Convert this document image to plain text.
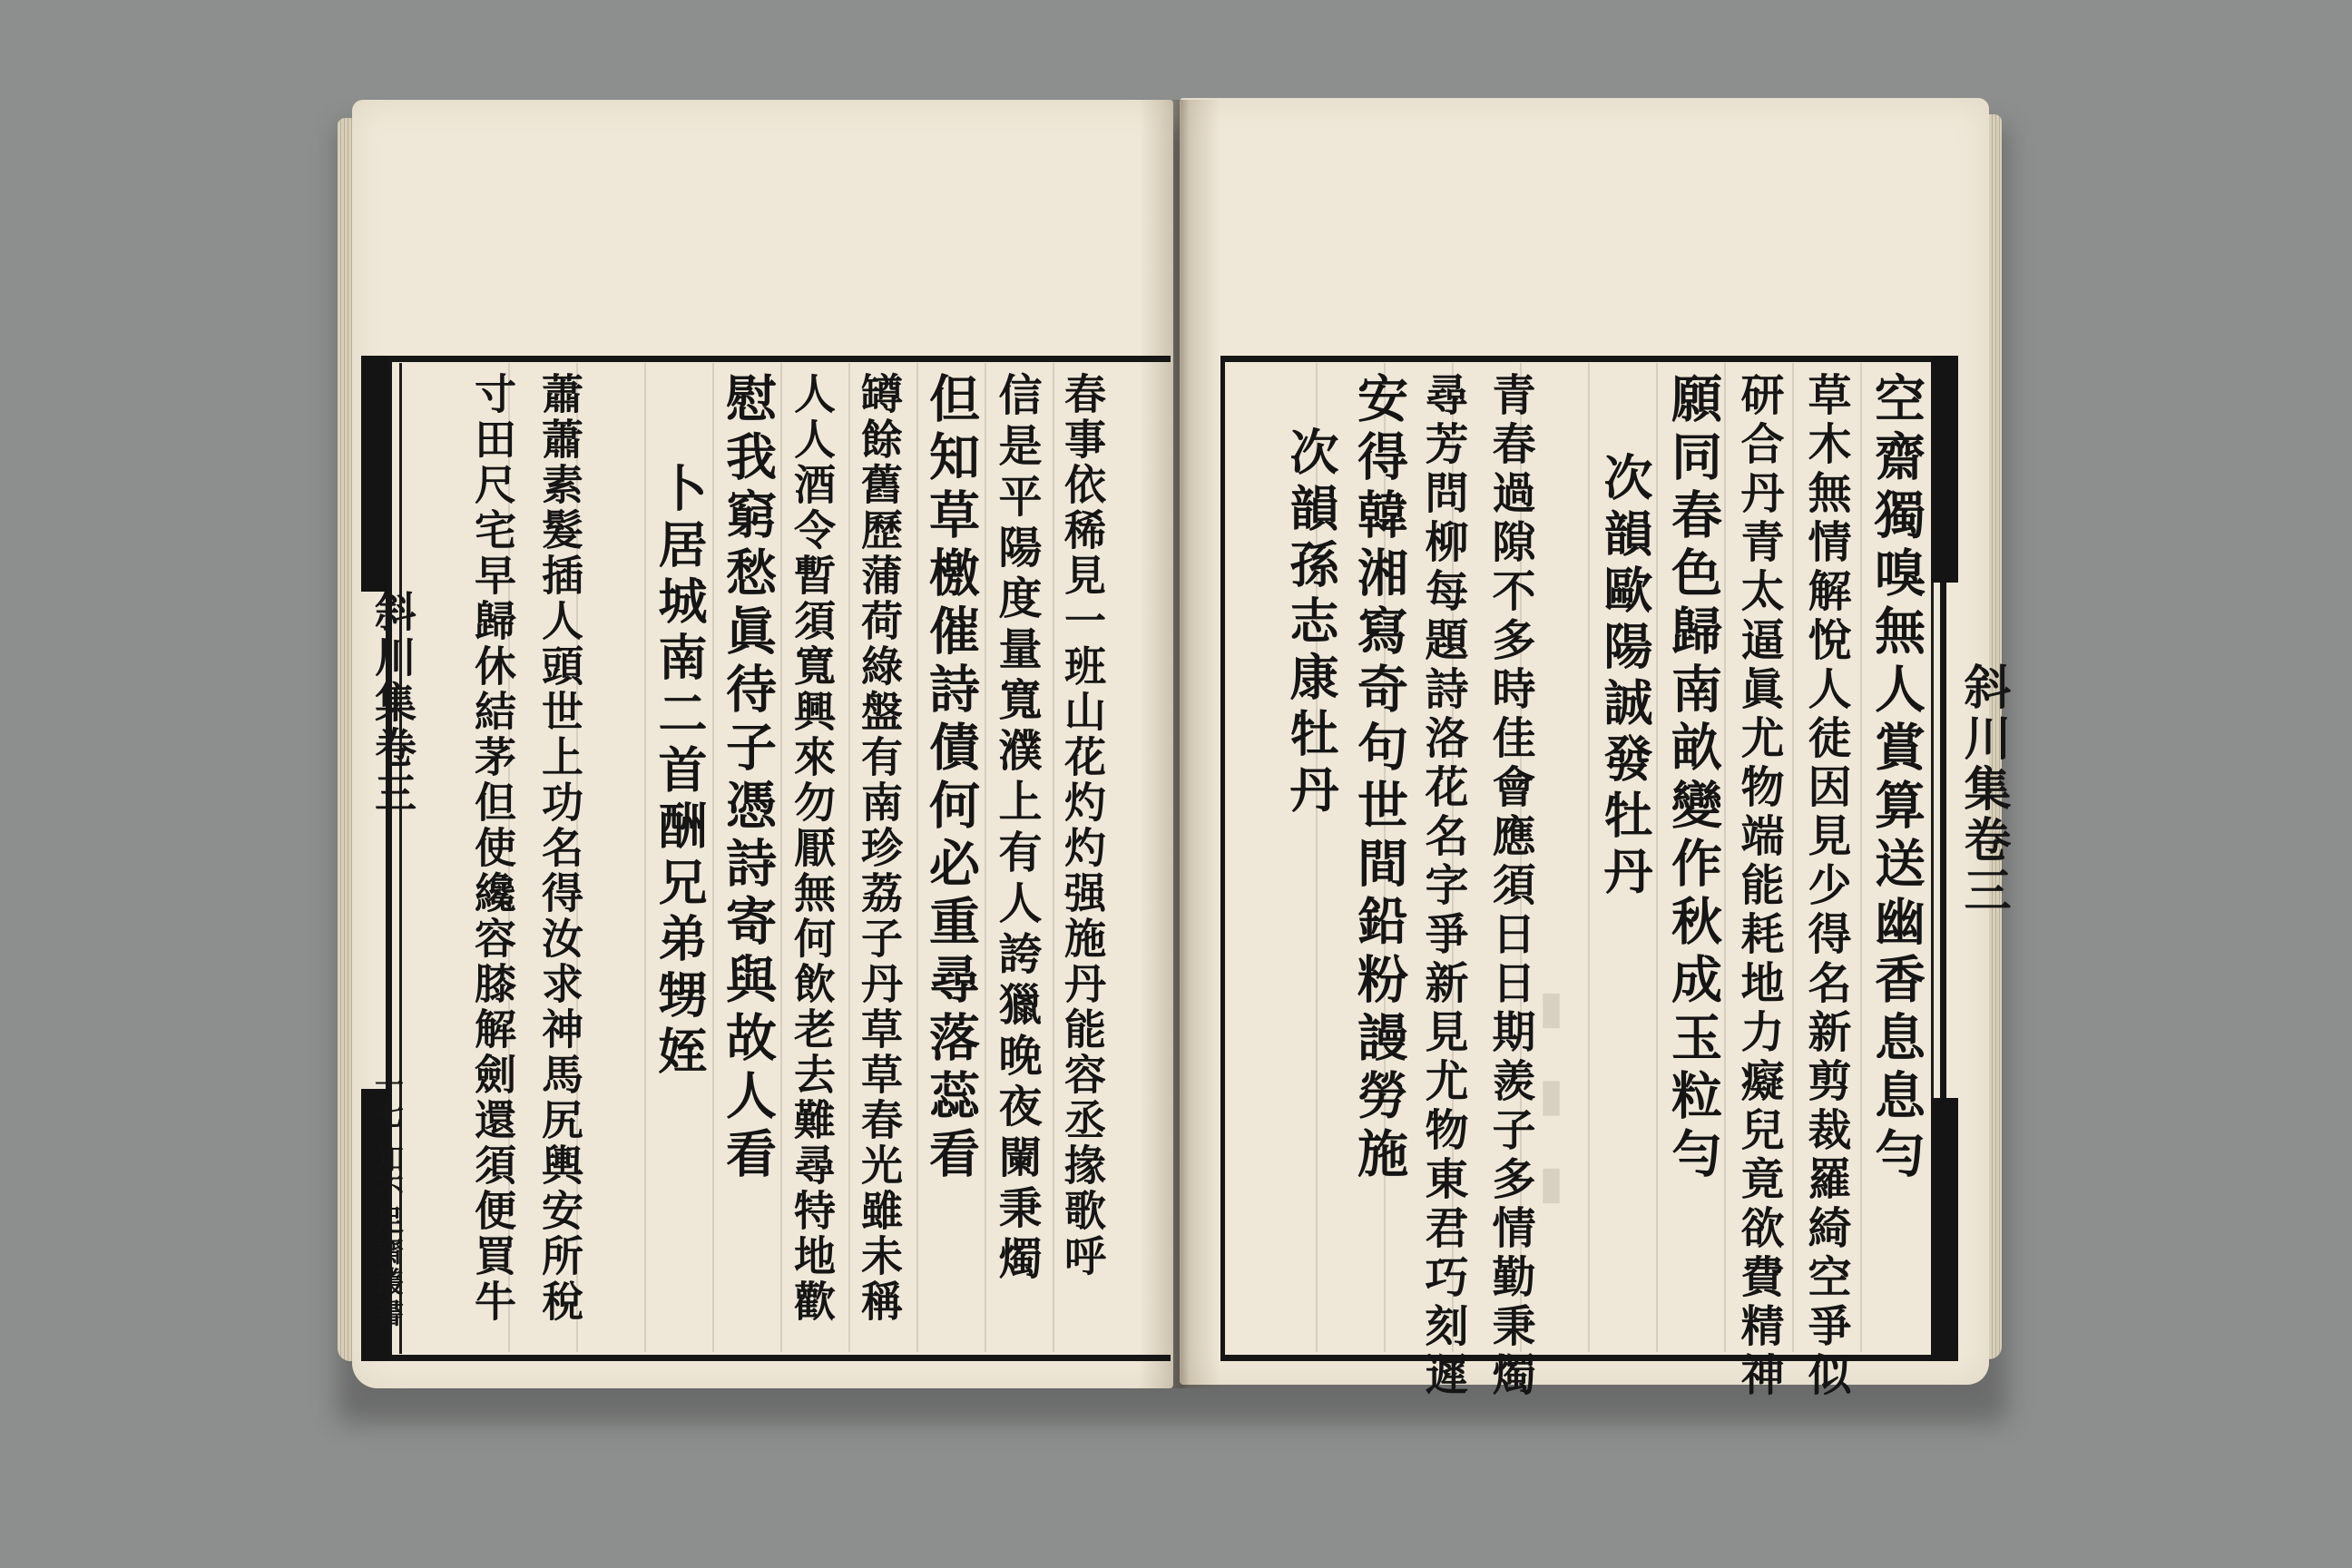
▮ ▮ ▮
斜川集卷三
空齋獨嗅無人賞算送幽香息息勻
草木無情解悅人徒因見少得名新剪裁羅綺空爭似
研合丹青太逼眞尤物端能耗地力癡兒竟欲費精神
願同春色歸南畝變作秋成玉粒勻
次韻歐陽誠發牡丹
青春過隙不多時佳會應須日日期羨子多情勤秉燭
尋芳問柳每題詩洛花名字爭新見尤物東君巧刻遲
安得韓湘寫奇句世間鉛粉謾勞施
次韻孫志康牡丹
斜川集卷三
十七
知不足齋叢書	春事依稀見一班山花灼灼强施丹能容丞掾歌呼
信是平陽度量寬濮上有人誇獵晚夜闌秉燭
但知草檄催詩債何必重尋落蕊看
罇餘舊歷蒲荷綠盤有南珍荔子丹草草春光雖未稱
人人酒令暫須寬興來勿厭無何飲老去難尋特地歡
慰我窮愁眞待子憑詩寄與故人看
卜居城南二首酬兄弟甥姪
蕭蕭素髮插人頭世上功名得汝求神馬尻輿安所稅
寸田尺宅早歸休結茅但使纔容膝解劍還須便買牛
